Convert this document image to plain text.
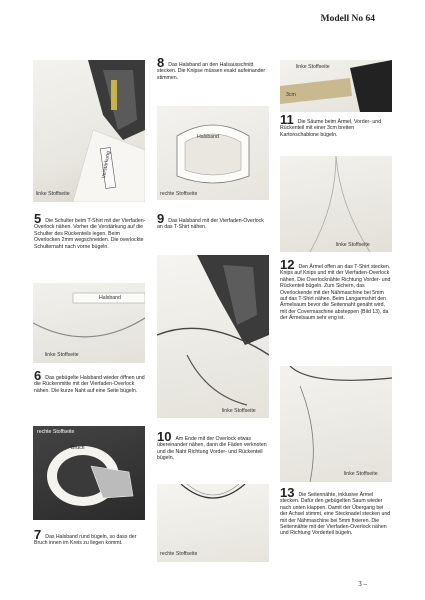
Modell No 64
Verstärkung
linke Stoffseite
5 Die Schulter beim T-Shirt mit der Vierfaden-Overlock nähen. Vorher die Verstärkung auf die Schulter des Rückenteils legen. Beim Overlocken 2mm wegschneiden. Die overlockte Schulternaht nach vorne bügeln.
Halsband
linke Stoffseite
6 Das gebügelte Halsband wieder öffnen und die Rückenmitte mit der Vierfaden-Overlock nähen. Die kurze Naht auf eine Seite bügeln.
rechte Stoffseite
Bruch
7 Das Halsband rund bügeln, so dass der Bruch innen im Kreis zu liegen kommt.
8 Das Halsband an den Halsausschnitt stecken. Die Knipse müssen exakt aufeinander stimmen.
Halsband
rechte Stoffseite
9 Das Halsband mit der Vierfaden-Overlock an das T-Shirt nähen.
linke Stoffseite
10 Am Ende mit der Overlock etwas übereinander nähen, dann die Fäden verknoten und die Naht Richtung Vorder- und Rückenteil bügeln.
rechte Stoffseite
linke Stoffseite
3cm
11 Die Säume beim Ärmel, Vorder- und Rückenteil mit einer 3cm breiten Kartonschablone bügeln.
linke Stoffseite
12 Den Ärmel offen an das T-Shirt stecken. Knips auf Knips und mit der Vierfaden-Overlock nähen. Die Overlocknähte Richtung Vorder- und Rückenteil bügeln. Zum Sichern, das Overlockende mit der Nähmaschine bei 5mm auf das T-Shirt nähen. Beim Langarmshirt den Ärmelsaum bevor die Seitennaht genäht wird, mit der Covermaschine absteppen (Bild 13), da der Ärmelsaum sehr eng ist.
linke Stoffseite
13 Die Seitennähte, inklusive Ärmel stecken. Dafür den gebügelten Saum wieder nach unten klappen. Damit der Übergang bei der Achsel stimmt, eine Stecknadel stecken und mit der Nähmaschine bei 5mm fixieren. Die Seitennähte mit der Vierfaden-Overlock nähen und Richtung Vorderteil bügeln.
3 –
